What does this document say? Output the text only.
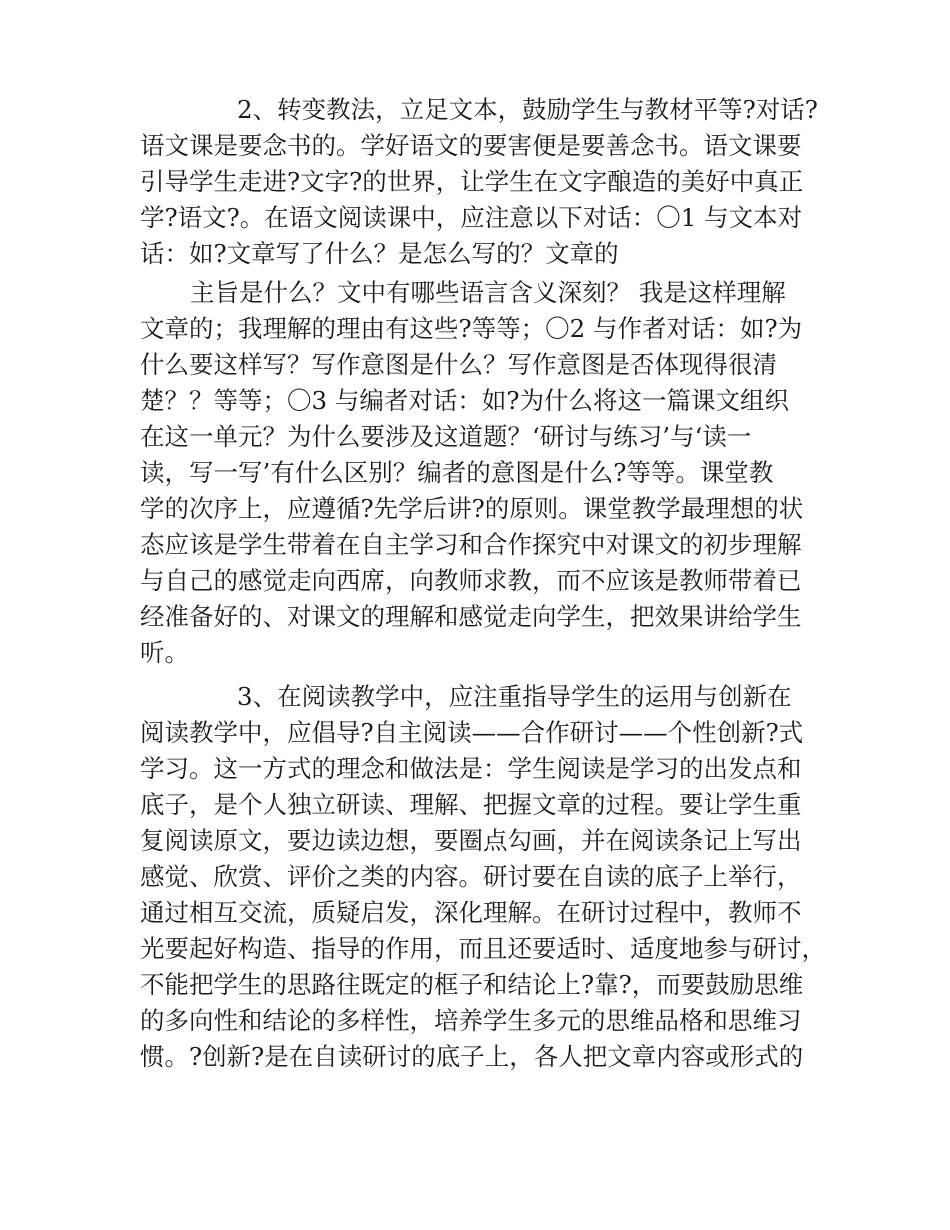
2、转变教法，立足文本，鼓励学生与教材平等?对话?
语文课是要念书的。学好语文的要害便是要善念书。语文课要
引导学生走进?文字?的世界，让学生在文字酿造的美好中真正
学?语文?。在语文阅读课中，应注意以下对话：〇1 与文本对
话：如?文章写了什么？是怎么写的？文章的
主旨是什么？文中有哪些语言含义深刻？ 我是这样理解
文章的；我理解的理由有这些?等等；〇2 与作者对话：如?为
什么要这样写？写作意图是什么？写作意图是否体现得很清
楚？？等等；〇3 与编者对话：如?为什么将这一篇课文组织
在这一单元？为什么要涉及这道题？‘研讨与练习’与‘读一
读，写一写’有什么区别？编者的意图是什么?等等。课堂教
学的次序上，应遵循?先学后讲?的原则。课堂教学最理想的状
态应该是学生带着在自主学习和合作探究中对课文的初步理解
与自己的感觉走向西席，向教师求教，而不应该是教师带着已
经准备好的、对课文的理解和感觉走向学生，把效果讲给学生
听。
3、在阅读教学中，应注重指导学生的运用与创新在
阅读教学中，应倡导?自主阅读——合作研讨——个性创新?式
学习。这一方式的理念和做法是：学生阅读是学习的出发点和
底子，是个人独立研读、理解、把握文章的过程。要让学生重
复阅读原文，要边读边想，要圈点勾画，并在阅读条记上写出
感觉、欣赏、评价之类的内容。研讨要在自读的底子上举行，
通过相互交流，质疑启发，深化理解。在研讨过程中，教师不
光要起好构造、指导的作用，而且还要适时、适度地参与研讨，
不能把学生的思路往既定的框子和结论上?靠?，而要鼓励思维
的多向性和结论的多样性，培养学生多元的思维品格和思维习
惯。?创新?是在自读研讨的底子上，各人把文章内容或形式的
